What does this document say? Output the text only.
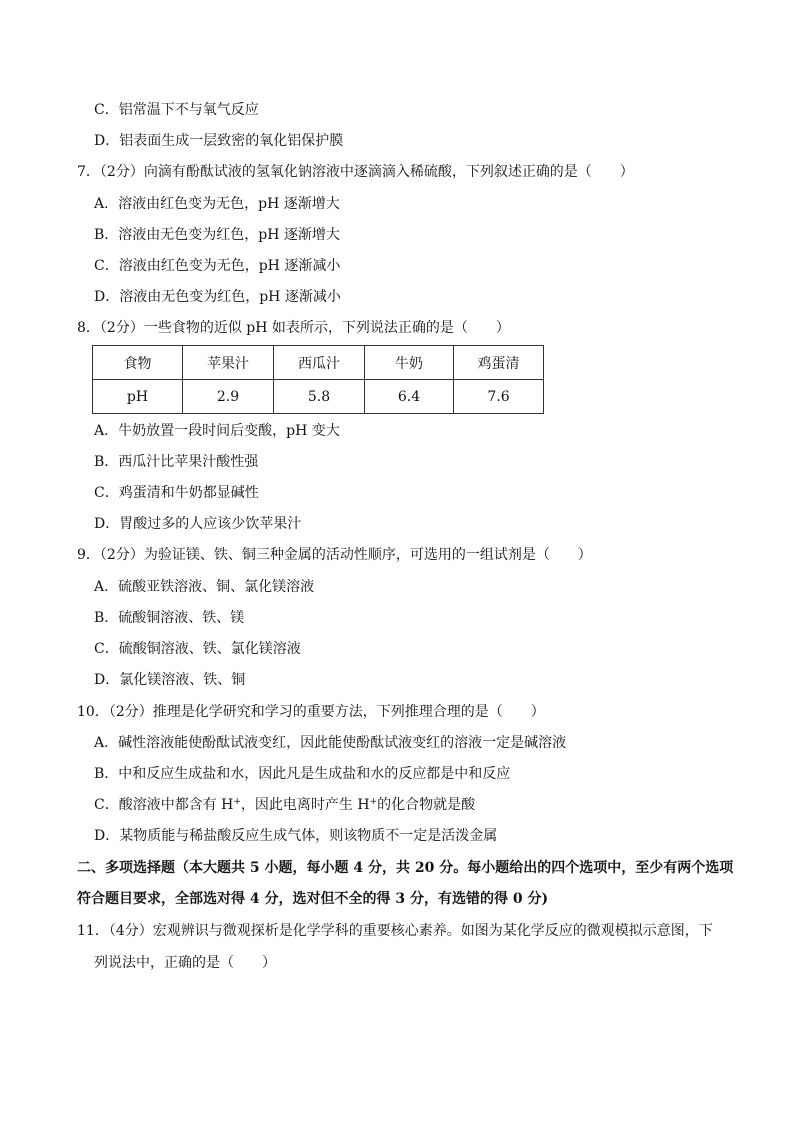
C．铝常温下不与氧气反应
D．铝表面生成一层致密的氧化铝保护膜
7．（2分）向滴有酚酞试液的氢氧化钠溶液中逐滴滴入稀硫酸，下列叙述正确的是（　　）
A．溶液由红色变为无色，pH 逐渐增大
B．溶液由无色变为红色，pH 逐渐增大
C．溶液由红色变为无色，pH 逐渐减小
D．溶液由无色变为红色，pH 逐渐减小
8．（2分）一些食物的近似 pH 如表所示，下列说法正确的是（　　）
食物	苹果汁	西瓜汁	牛奶	鸡蛋清
pH	2.9	5.8	6.4	7.6
A．牛奶放置一段时间后变酸，pH 变大
B．西瓜汁比苹果汁酸性强
C．鸡蛋清和牛奶都显碱性
D．胃酸过多的人应该少饮苹果汁
9．（2分）为验证镁、铁、铜三种金属的活动性顺序，可选用的一组试剂是（　　）
A．硫酸亚铁溶液、铜、氯化镁溶液
B．硫酸铜溶液、铁、镁
C．硫酸铜溶液、铁、氯化镁溶液
D．氯化镁溶液、铁、铜
10．（2分）推理是化学研究和学习的重要方法，下列推理合理的是（　　）
A．碱性溶液能使酚酞试液变红，因此能使酚酞试液变红的溶液一定是碱溶液
B．中和反应生成盐和水，因此凡是生成盐和水的反应都是中和反应
C．酸溶液中都含有 H+，因此电离时产生 H+的化合物就是酸
D．某物质能与稀盐酸反应生成气体，则该物质不一定是活泼金属
二、多项选择题（本大题共 5 小题，每小题 4 分，共 20 分。每小题给出的四个选项中，至少有两个选项
符合题目要求，全部选对得 4 分，选对但不全的得 3 分，有选错的得 0 分)
11．（4分）宏观辨识与微观探析是化学学科的重要核心素养。如图为某化学反应的微观模拟示意图，下
列说法中，正确的是（　　）
